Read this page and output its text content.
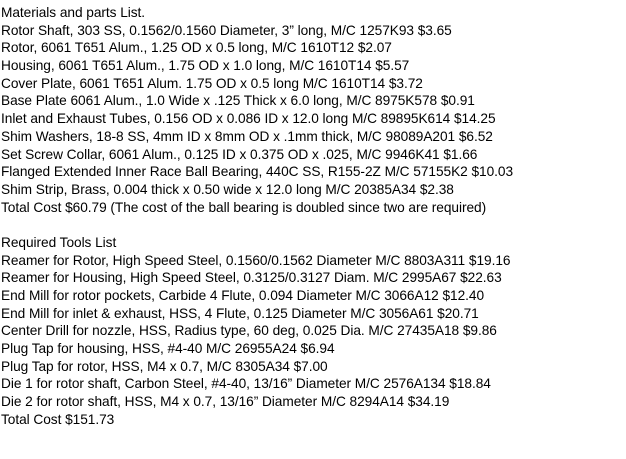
Materials and parts List.

Rotor Shaft, 303 SS, 0.1562/0.1560 Diameter, 3” long, M/C 1257K93 $3.65

Rotor, 6061 T651 Alum., 1.25 OD x 0.5 long, M/C 1610T12 $2.07

Housing, 6061 T651 Alum., 1.75 OD x 1.0 long, M/C 1610T14 $5.57

Cover Plate, 6061 T651 Alum. 1.75 OD x 0.5 long M/C 1610T14 $3.72

Base Plate 6061 Alum., 1.0 Wide x .125 Thick x 6.0 long, M/C 8975K578 $0.91

Inlet and Exhaust Tubes, 0.156 OD x 0.086 ID x 12.0 long M/C 89895K614 $14.25

Shim Washers, 18-8 SS, 4mm ID x 8mm OD x .1mm thick, M/C 98089A201 $6.52

Set Screw Collar, 6061 Alum., 0.125 ID x 0.375 OD x .025, M/C 9946K41 $1.66

Flanged Extended Inner Race Ball Bearing, 440C SS, R155-2Z M/C 57155K2 $10.03

Shim Strip, Brass, 0.004 thick x 0.50 wide x 12.0 long M/C 20385A34 $2.38

Total Cost $60.79 (The cost of the ball bearing is doubled since two are required)

Required Tools List

Reamer for Rotor, High Speed Steel, 0.1560/0.1562 Diameter M/C 8803A311 $19.16

Reamer for Housing, High Speed Steel, 0.3125/0.3127 Diam. M/C 2995A67 $22.63

End Mill for rotor pockets, Carbide 4 Flute, 0.094 Diameter M/C 3066A12 $12.40

End Mill for inlet & exhaust, HSS, 4 Flute, 0.125 Diameter M/C 3056A61 $20.71

Center Drill for nozzle, HSS, Radius type, 60 deg, 0.025 Dia. M/C 27435A18 $9.86

Plug Tap for housing, HSS, #4-40 M/C 26955A24 $6.94

Plug Tap for rotor, HSS, M4 x 0.7, M/C 8305A34 $7.00

Die 1 for rotor shaft, Carbon Steel, #4-40, 13/16” Diameter M/C 2576A134 $18.84

Die 2 for rotor shaft, HSS, M4 x 0.7, 13/16” Diameter M/C 8294A14 $34.19

Total Cost $151.73
